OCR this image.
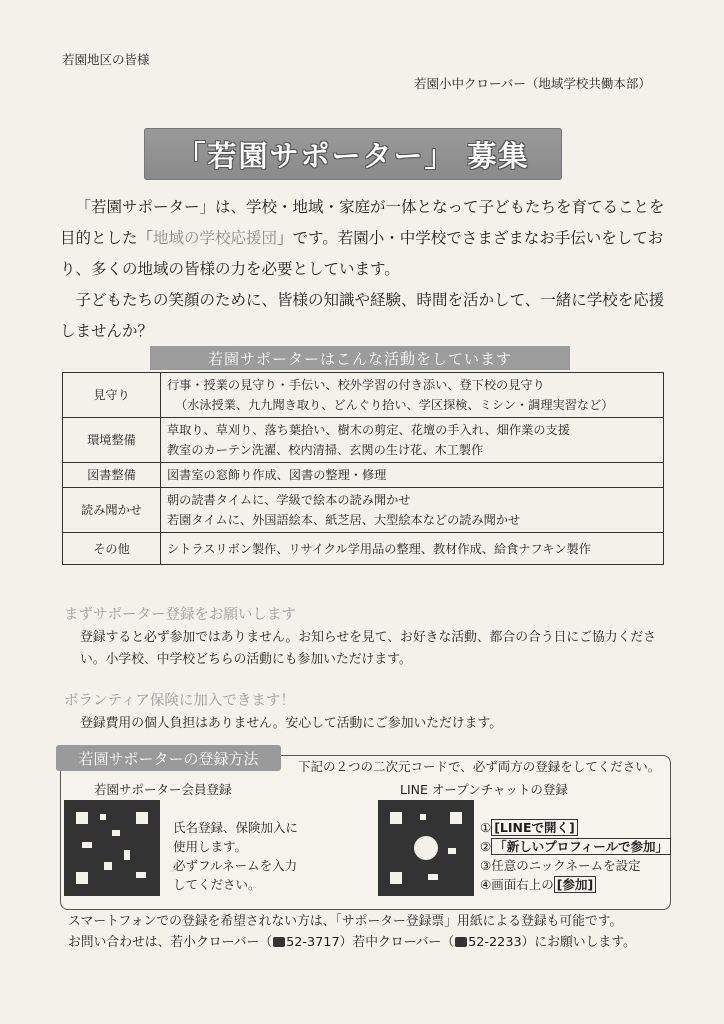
若園地区の皆様
若園小中クローバー（地域学校共働本部）
「若園サポーター」 募集

「若園サポーター」は、学校・地域・家庭が一体となって子どもたちを育てることを目的とした「地域の学校応援団」です。若園小・中学校でさまざまなお手伝いをしており、多くの地域の皆様の力を必要としています。

子どもたちの笑顔のために、皆様の知識や経験、時間を活かして、一緒に学校を応援しませんか？

若園サポーターはこんな活動をしています
見守り	行事・授業の見守り・手伝い、校外学習の付き添い、登下校の見守り
（水泳授業、九九聞き取り、どんぐり拾い、学区探検、ミシン・調理実習など）

環境整備	草取り、草刈り、落ち葉拾い、樹木の剪定、花壇の手入れ、畑作業の支援
教室のカーテン洗濯、校内清掃、玄関の生け花、木工製作

図書整備	図書室の窓飾り作成、図書の整理・修理

読み聞かせ	朝の読書タイムに、学級で絵本の読み聞かせ
若園タイムに、外国語絵本、紙芝居、大型絵本などの読み聞かせ

その他	シトラスリボン製作、リサイクル学用品の整理、教材作成、給食ナフキン製作
まずサポーター登録をお願いします
登録すると必ず参加ではありません。お知らせを見て、お好きな活動、都合の合う日にご協力ください。小学校、中学校どちらの活動にも参加いただけます。
ボランティア保険に加入できます！
登録費用の個人負担はありません。安心して活動にご参加いただけます。
若園サポーターの登録方法	下記の２つの二次元コードで、必ず両方の登録をしてください。
若園サポーター会員登録
氏名登録、保険加入に
使用します。
必ずフルネームを入力
してください。
LINE オープンチャットの登録
① [LINEで開く]
② 「新しいプロフィールで参加」
③任意のニックネームを設定
④画面右上の [参加]
スマートフォンでの登録を希望されない方は、「サポーター登録票」用紙による登録も可能です。
お問い合わせは、若小クローバー（ 52-3717）若中クローバー（ 52-2233）にお願いします。
